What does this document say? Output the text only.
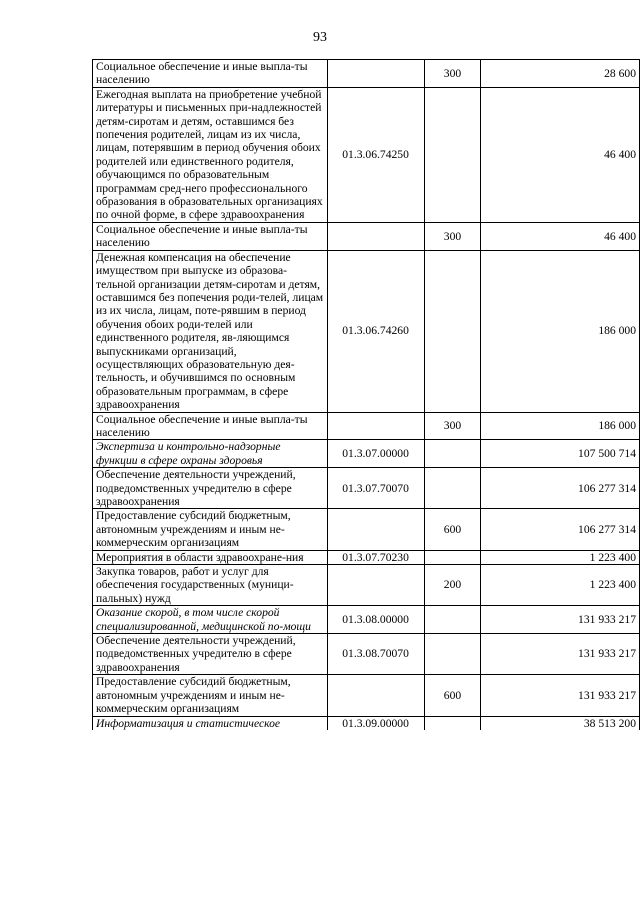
93
Социальное обеспечение и иные выпла-ты населению		300	28 600
Ежегодная выплата на приобретение учебной литературы и письменных при-надлежностей детям-сиротам и детям, оставшимся без попечения родителей, лицам из их числа, лицам, потерявшим в период обучения обоих родителей или единственного родителя, обучающимся по образовательным программам сред-него профессионального образования в образовательных организациях по очной форме, в сфере здравоохранения	01.3.06.74250		46 400
Социальное обеспечение и иные выпла-ты населению		300	46 400
Денежная компенсация на обеспечение имуществом при выпуске из образова-тельной организации детям-сиротам и детям, оставшимся без попечения роди-телей, лицам из их числа, лицам, поте-рявшим в период обучения обоих роди-телей или единственного родителя, яв-ляющимся выпускниками организаций, осуществляющих образовательную дея-тельность, и обучившимся по основным образовательным программам, в сфере здравоохранения	01.3.06.74260		186 000
Социальное обеспечение и иные выпла-ты населению		300	186 000
Экспертиза и контрольно-надзорные функции в сфере охраны здоровья	01.3.07.00000		107 500 714
Обеспечение деятельности учреждений, подведомственных учредителю в сфере здравоохранения	01.3.07.70070		106 277 314
Предоставление субсидий бюджетным, автономным учреждениям и иным не-коммерческим организациям		600	106 277 314
Мероприятия в области здравоохране-ния	01.3.07.70230		1 223 400
Закупка товаров, работ и услуг для обеспечения государственных (муници-пальных) нужд		200	1 223 400
Оказание скорой, в том числе скорой специализированной, медицинской по-мощи	01.3.08.00000		131 933 217
Обеспечение деятельности учреждений, подведомственных учредителю в сфере здравоохранения	01.3.08.70070		131 933 217
Предоставление субсидий бюджетным, автономным учреждениям и иным не-коммерческим организациям		600	131 933 217
Информатизация и статистическое	01.3.09.00000		38 513 200
